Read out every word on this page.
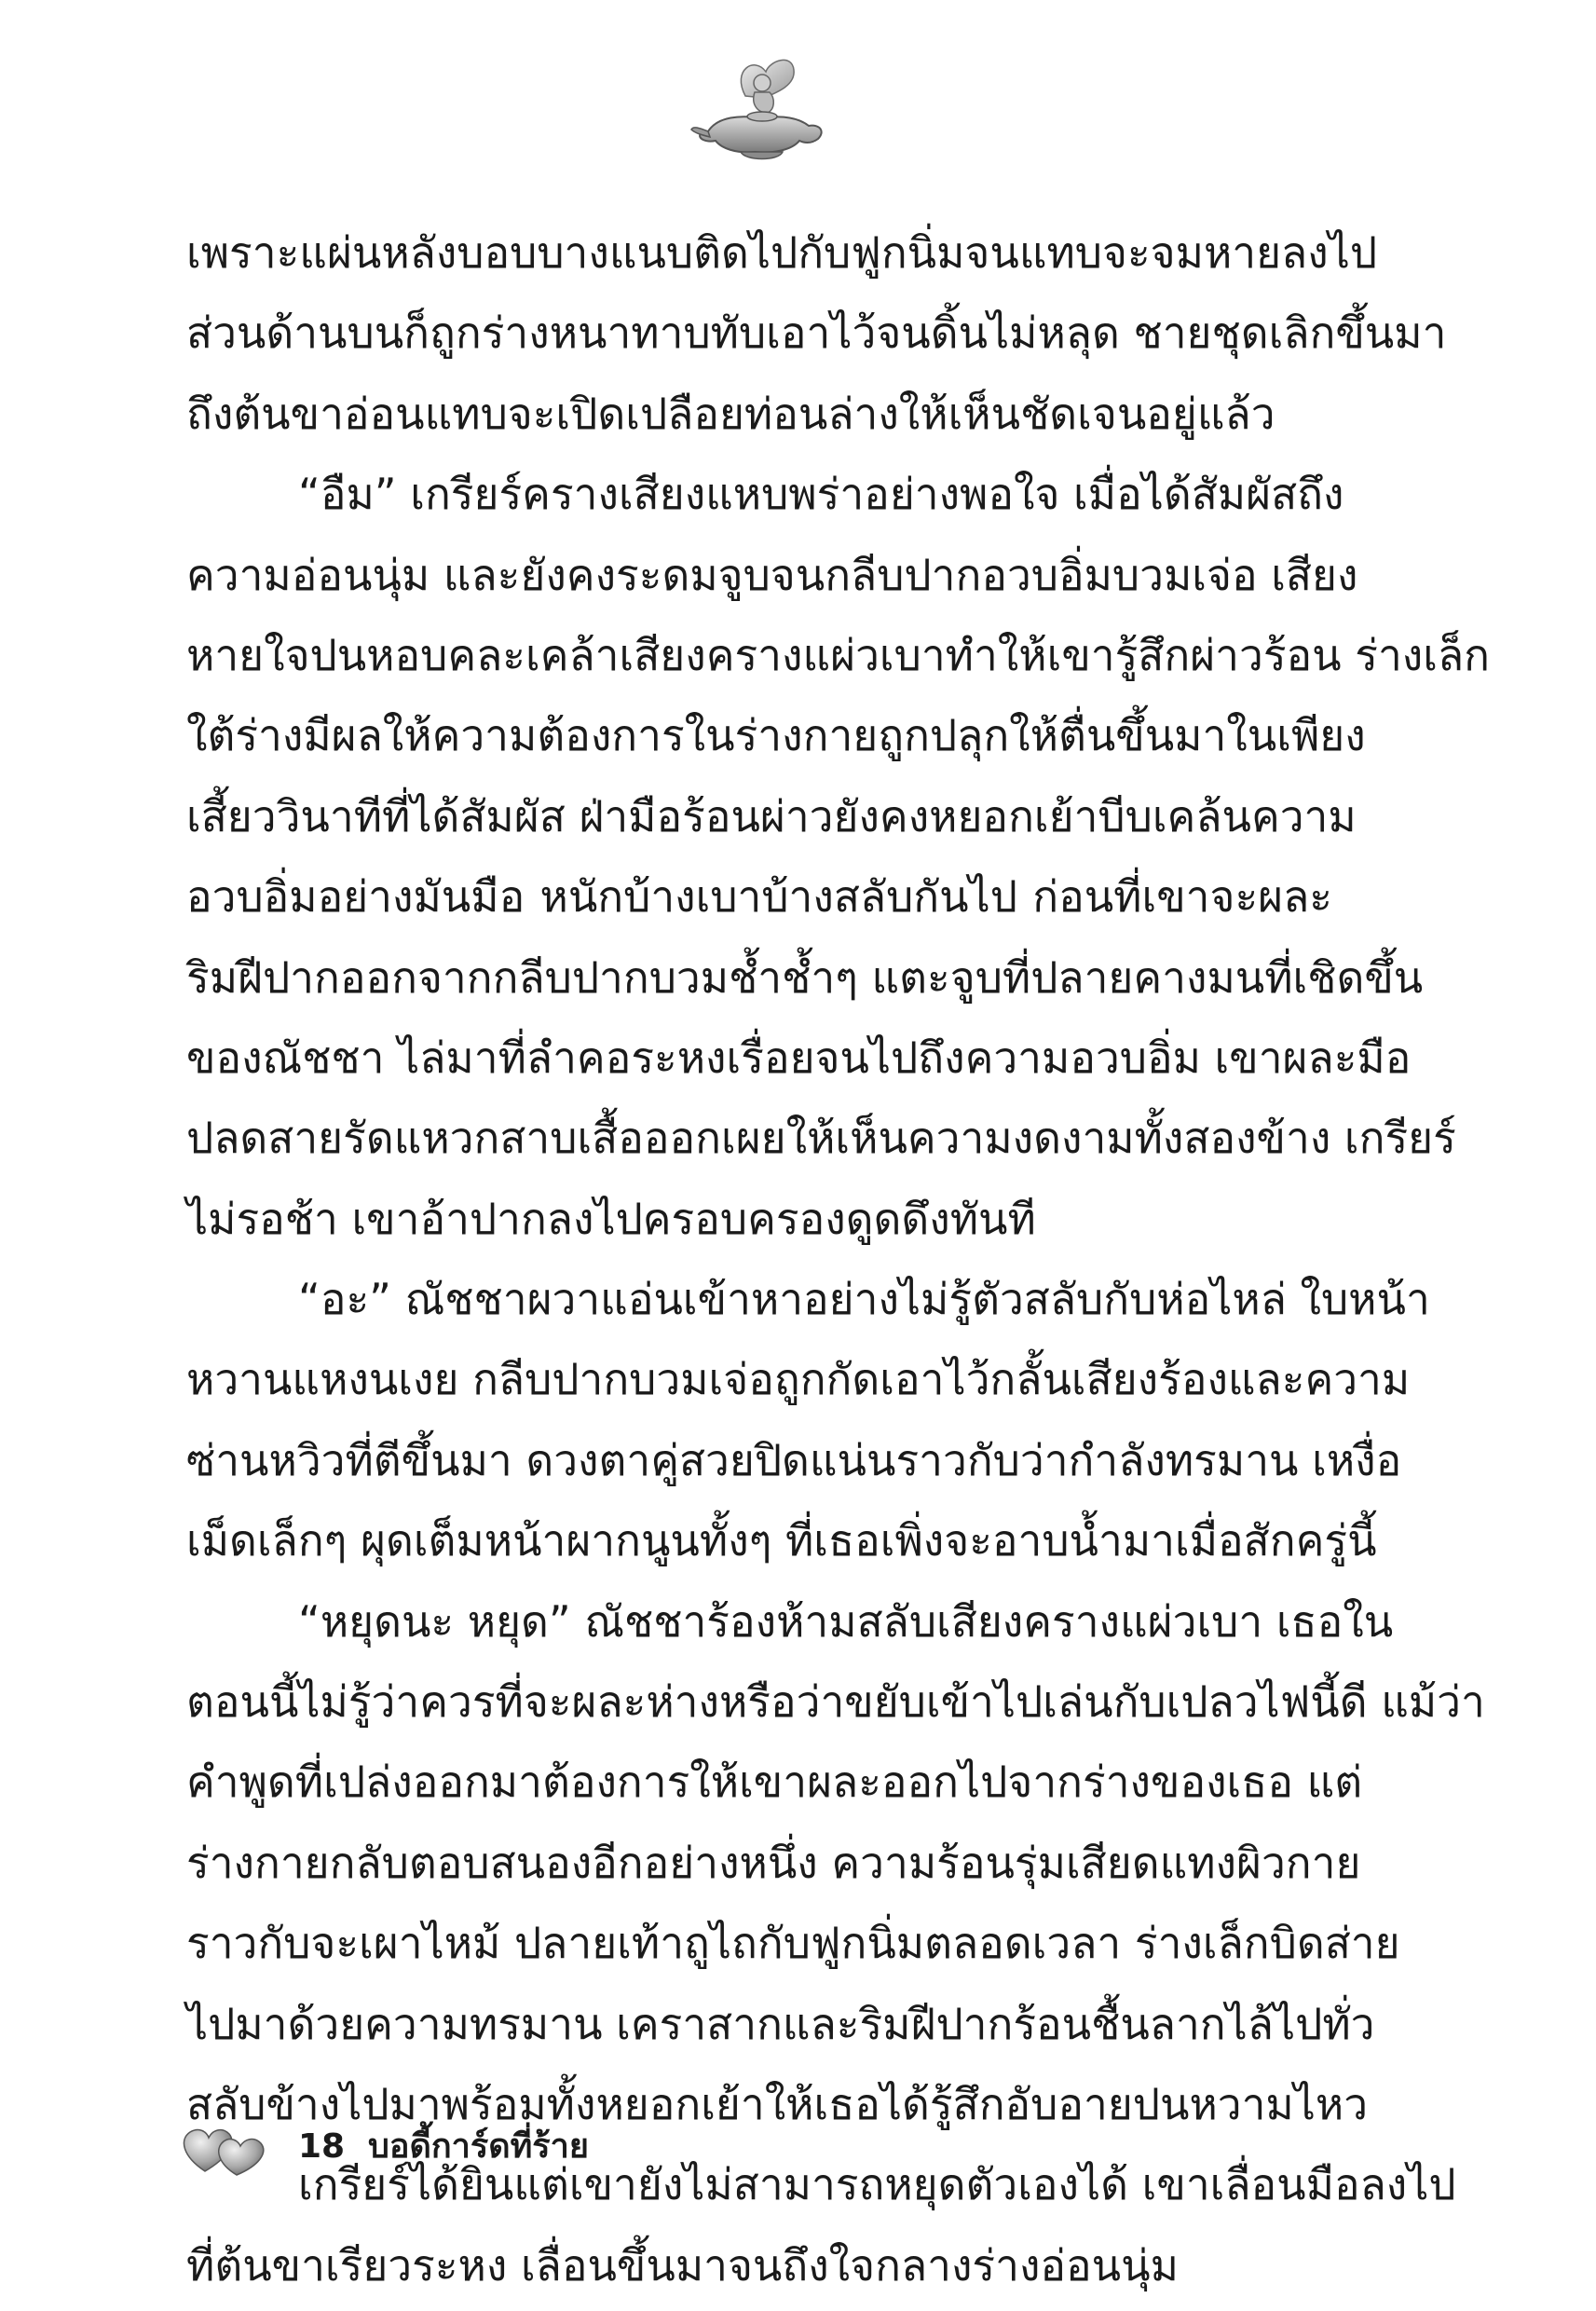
เพราะแผ่นหลังบอบบางแนบติดไปกับฟูกนิ่มจนแทบจะจมหายลงไป
ส่วนด้านบนก็ถูกร่างหนาทาบทับเอาไว้จนดิ้นไม่หลุด ชายชุดเลิกขึ้นมา
ถึงต้นขาอ่อนแทบจะเปิดเปลือยท่อนล่างให้เห็นชัดเจนอยู่แล้ว
“อืม” เกรียร์ครางเสียงแหบพร่าอย่างพอใจ เมื่อได้สัมผัสถึง
ความอ่อนนุ่ม และยังคงระดมจูบจนกลีบปากอวบอิ่มบวมเจ่อ เสียง
หายใจปนหอบคละเคล้าเสียงครางแผ่วเบาทำให้เขารู้สึกผ่าวร้อน ร่างเล็ก
ใต้ร่างมีผลให้ความต้องการในร่างกายถูกปลุกให้ตื่นขึ้นมาในเพียง
เสี้ยววินาทีที่ได้สัมผัส ฝ่ามือร้อนผ่าวยังคงหยอกเย้าบีบเคล้นความ
อวบอิ่มอย่างมันมือ หนักบ้างเบาบ้างสลับกันไป ก่อนที่เขาจะผละ
ริมฝีปากออกจากกลีบปากบวมช้ำช้ำๆ แตะจูบที่ปลายคางมนที่เชิดขึ้น
ของณัชชา ไล่มาที่ลำคอระหงเรื่อยจนไปถึงความอวบอิ่ม เขาผละมือ
ปลดสายรัดแหวกสาบเสื้อออกเผยให้เห็นความงดงามทั้งสองข้าง เกรียร์
ไม่รอช้า เขาอ้าปากลงไปครอบครองดูดดึงทันที
“อะ” ณัชชาผวาแอ่นเข้าหาอย่างไม่รู้ตัวสลับกับห่อไหล่ ใบหน้า
หวานแหงนเงย กลีบปากบวมเจ่อถูกกัดเอาไว้กลั้นเสียงร้องและความ
ซ่านหวิวที่ตีขึ้นมา ดวงตาคู่สวยปิดแน่นราวกับว่ากำลังทรมาน เหงื่อ
เม็ดเล็กๆ ผุดเต็มหน้าผากนูนทั้งๆ ที่เธอเพิ่งจะอาบน้ำมาเมื่อสักครู่นี้
“หยุดนะ หยุด” ณัชชาร้องห้ามสลับเสียงครางแผ่วเบา เธอใน
ตอนนี้ไม่รู้ว่าควรที่จะผละห่างหรือว่าขยับเข้าไปเล่นกับเปลวไฟนี้ดี แม้ว่า
คำพูดที่เปล่งออกมาต้องการให้เขาผละออกไปจากร่างของเธอ แต่
ร่างกายกลับตอบสนองอีกอย่างหนึ่ง ความร้อนรุ่มเสียดแทงผิวกาย
ราวกับจะเผาไหม้ ปลายเท้าถูไถกับฟูกนิ่มตลอดเวลา ร่างเล็กบิดส่าย
ไปมาด้วยความทรมาน เคราสากและริมฝีปากร้อนชื้นลากไล้ไปทั่ว
สลับข้างไปมาพร้อมทั้งหยอกเย้าให้เธอได้รู้สึกอับอายปนหวามไหว
เกรียร์ได้ยินแต่เขายังไม่สามารถหยุดตัวเองได้ เขาเลื่อนมือลงไป
ที่ต้นขาเรียวระหง เลื่อนขึ้นมาจนถึงใจกลางร่างอ่อนนุ่ม
18 บอดี้การ์ดที่ร้าย
